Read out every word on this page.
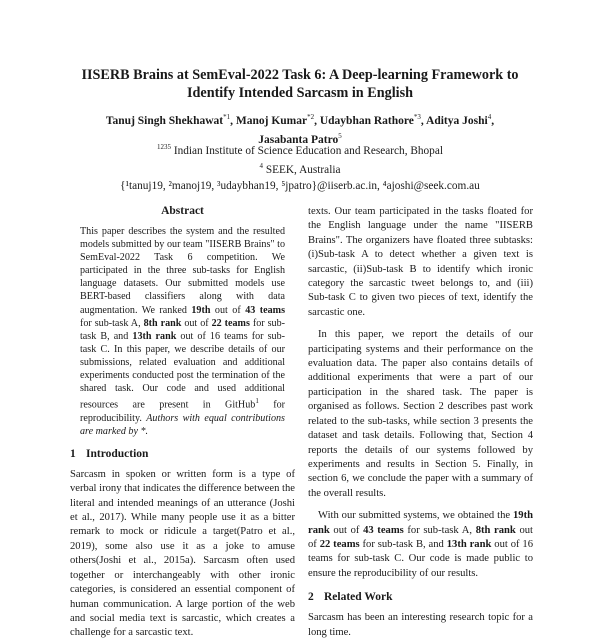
IISERB Brains at SemEval-2022 Task 6: A Deep-learning Framework to
Identify Intended Sarcasm in English
Tanuj Singh Shekhawat$^{*1}$, Manoj Kumar$^{*2}$, Udaybhan Rathore$^{*3}$, Aditya Joshi$^4$,
Jasabanta Patro$^5$
$^{1235}$ Indian Institute of Science Education and Research, Bhopal
$^4$ SEEK, Australia
{¹tanuj19, ²manoj19, ³udaybhan19, ⁵jpatro}@iiserb.ac.in, ⁴ajoshi@seek.com.au
Abstract

This paper describes the system and the resulted models submitted by our team "IISERB Brains" to SemEval-2022 Task 6 competition. We participated in the three sub-tasks for English language datasets. Our submitted models use BERT-based classifiers along with data augmentation. We ranked 19th out of 43 teams for sub-task A, 8th rank out of 22 teams for sub-task B, and 13th rank out of 16 teams for sub-task C. In this paper, we describe details of our submissions, related evaluation and additional experiments conducted post the termination of the shared task. Our code and used additional resources are present in GitHub$^1$ for reproducibility. Authors with equal contributions are marked by *.

1 Introduction

Sarcasm in spoken or written form is a type of verbal irony that indicates the difference between the literal and intended meanings of an utterance (Joshi et al., 2017). While many people use it as a bitter remark to mock or ridicule a target(Patro et al., 2019), some also use it as a joke to amuse others(Joshi et al., 2015a). Sarcasm often used together or interchangeably with other ironic categories, is considered an essential component of human communication. A large portion of the web and social media text is sarcastic, which creates a challenge for a sarcastic text.

texts. Our team participated in the tasks floated for the English language under the name "IISERB Brains". The organizers have floated three subtasks: (i)Sub-task A to detect whether a given text is sarcastic, (ii)Sub-task B to identify which ironic category the sarcastic tweet belongs to, and (iii) Sub-task C to given two pieces of text, identify the sarcastic one.

In this paper, we report the details of our participating systems and their performance on the evaluation data. The paper also contains details of additional experiments that were a part of our participation in the shared task. The paper is organised as follows. Section 2 describes past work related to the sub-tasks, while section 3 presents the dataset and task details. Following that, Section 4 reports the details of our systems followed by experiments and results in Section 5. Finally, in section 6, we conclude the paper with a summary of the overall results.

With our submitted systems, we obtained the 19th rank out of 43 teams for sub-task A, 8th rank out of 22 teams for sub-task B, and 13th rank out of 16 teams for sub-task C. Our code is made public to ensure the reproducibility of our results.

2 Related Work

Sarcasm has been an interesting research topic for a long time.
